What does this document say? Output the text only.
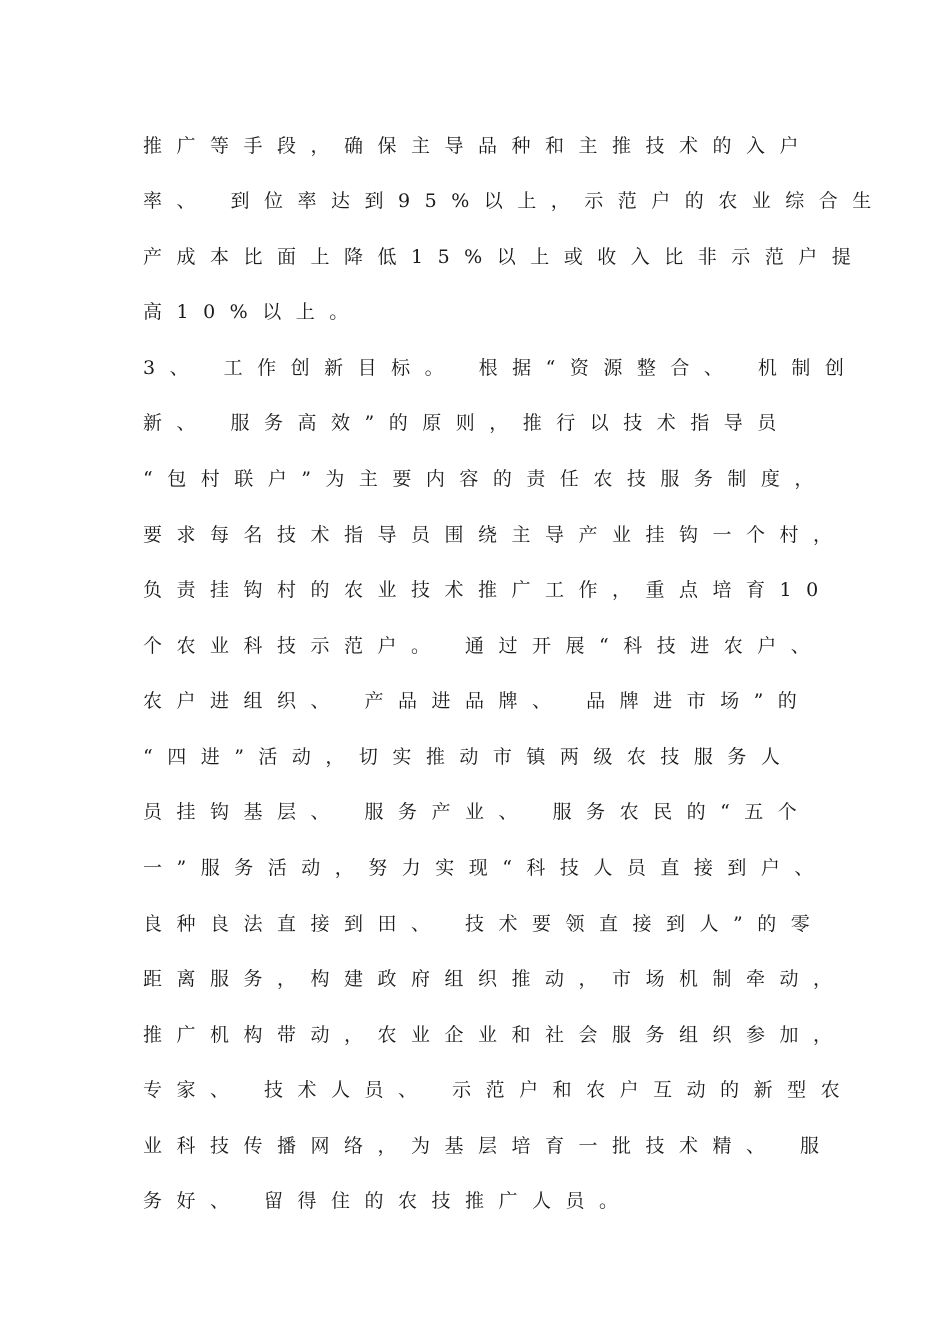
推广等手段，确保主导品种和主推技术的入户
率、 到位率达到95%以上，示范户的农业综合生
产成本比面上降低15%以上或收入比非示范户提
高10%以上。
3、 工作创新目标。 根据“资源整合、 机制创
新、 服务高效”的原则，推行以技术指导员
“包村联户”为主要内容的责任农技服务制度，
要求每名技术指导员围绕主导产业挂钩一个村，
负责挂钩村的农业技术推广工作，重点培育10
个农业科技示范户。 通过开展“科技进农户、
农户进组织、 产品进品牌、 品牌进市场”的
“四进”活动，切实推动市镇两级农技服务人
员挂钩基层、 服务产业、 服务农民的“五个
一”服务活动，努力实现“科技人员直接到户、
良种良法直接到田、 技术要领直接到人”的零
距离服务，构建政府组织推动，市场机制牵动，
推广机构带动，农业企业和社会服务组织参加，
专家、 技术人员、 示范户和农户互动的新型农
业科技传播网络，为基层培育一批技术精、 服
务好、 留得住的农技推广人员。
